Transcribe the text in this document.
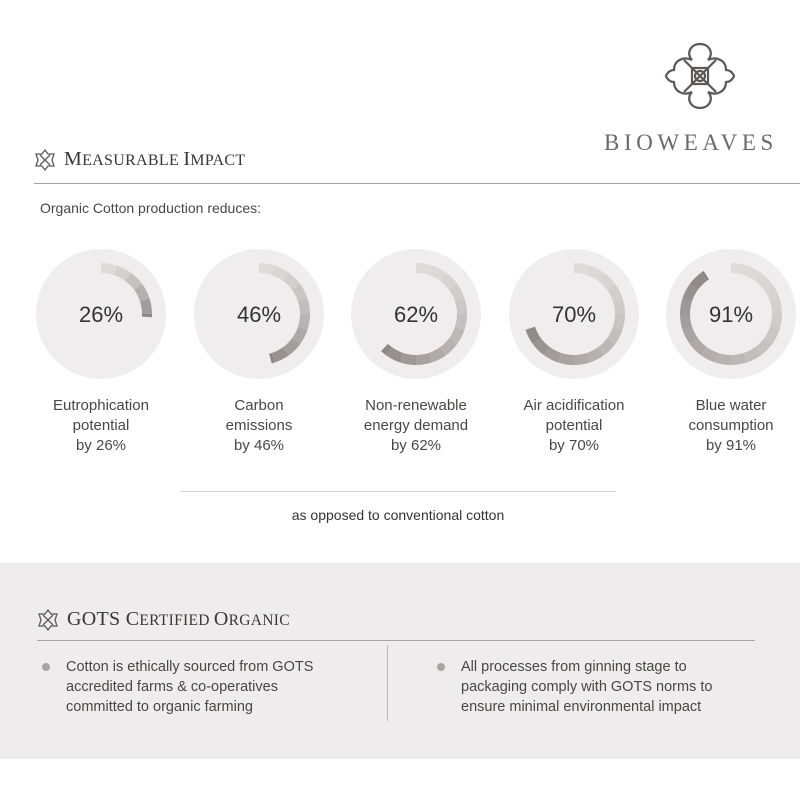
BIOWEAVES
MEASURABLE IMPACT
Organic Cotton production reduces:
26%
Eutrophication
potential
by 26%
46%
Carbon
emissions
by 46%
62%
Non-renewable
energy demand
by 62%
70%
Air acidification
potential
by 70%
91%
Blue water
consumption
by 91%
as opposed to conventional cotton
GOTS CERTIFIED ORGANIC
Cotton is ethically sourced from GOTS
accredited farms & co-operatives
committed to organic farming
All processes from ginning stage to
packaging comply with GOTS norms to
ensure minimal environmental impact
